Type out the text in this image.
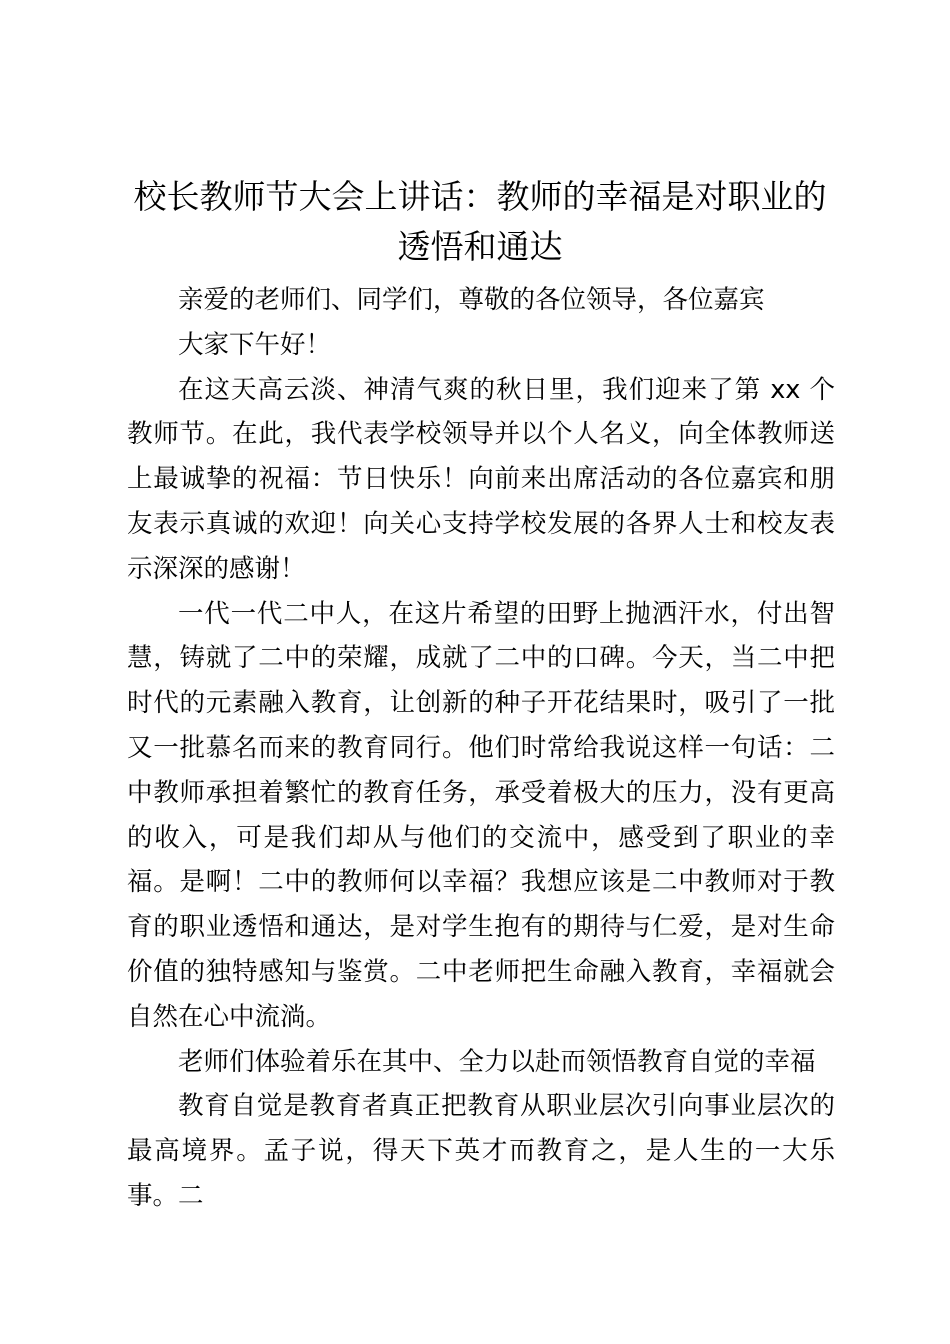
校长教师节大会上讲话：教师的幸福是对职业的透悟和通达

亲爱的老师们、同学们，尊敬的各位领导，各位嘉宾

大家下午好！

在这天高云淡、神清气爽的秋日里，我们迎来了第 xx 个教师节。在此，我代表学校领导并以个人名义，向全体教师送上最诚挚的祝福：节日快乐！向前来出席活动的各位嘉宾和朋友表示真诚的欢迎！向关心支持学校发展的各界人士和校友表示深深的感谢！

一代一代二中人，在这片希望的田野上抛洒汗水，付出智慧，铸就了二中的荣耀，成就了二中的口碑。今天，当二中把时代的元素融入教育，让创新的种子开花结果时，吸引了一批又一批慕名而来的教育同行。他们时常给我说这样一句话：二中教师承担着繁忙的教育任务，承受着极大的压力，没有更高的收入，可是我们却从与他们的交流中，感受到了职业的幸福。是啊！二中的教师何以幸福？我想应该是二中教师对于教育的职业透悟和通达，是对学生抱有的期待与仁爱，是对生命价值的独特感知与鉴赏。二中老师把生命融入教育，幸福就会自然在心中流淌。

老师们体验着乐在其中、全力以赴而领悟教育自觉的幸福

教育自觉是教育者真正把教育从职业层次引向事业层次的最高境界。孟子说，得天下英才而教育之，是人生的一大乐事。二
